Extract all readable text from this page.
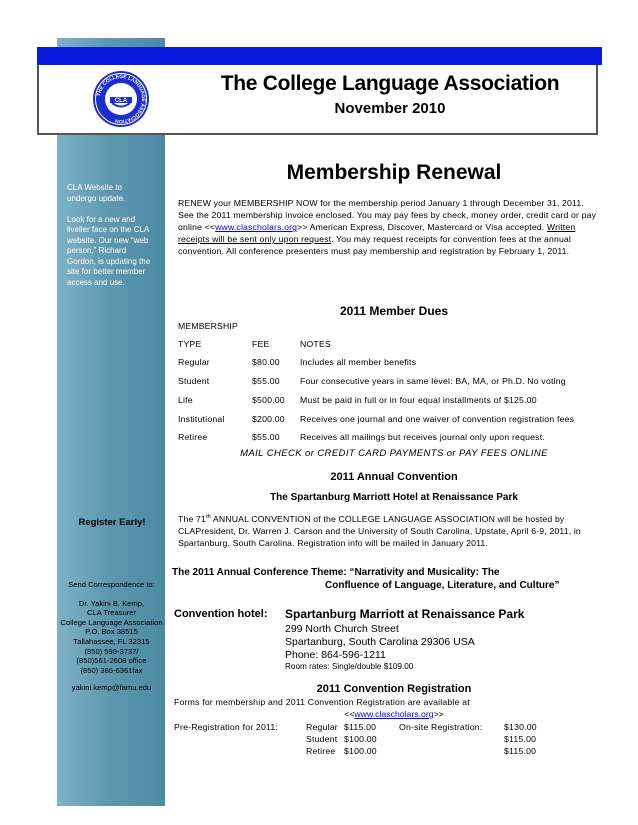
THE COLLEGE LANGUAGE ASSOCIATION
CLA
The College Language Association
November 2010
CLA Website to undergo update.

Look for a new and livelier face on the CLA website. Our new “web person,” Richard Gordon, is updating the site for better member access and use.
Register Early!
Send Correspondence to:
Dr. Yakini B. Kemp,
CLA Treasurer
College Language Association
P.O. Box 38515
Tallahassee, FL 32315
(850) 599-3737/
(850)561-2608 office
(850) 386-6361fax
yakini.kemp@famu.edu
Membership Renewal
RENEW your MEMBERSHIP NOW for the membership period January 1 through December 31, 2011. See the 2011 membership invoice enclosed. You may pay fees by check, money order, credit card or pay online <<www.clascholars.org>> American Express, Discover, Mastercard or Visa accepted. Written receipts will be sent only upon request. You may request receipts for convention fees at the annual convention. All conference presenters must pay membership and registration by February 1, 2011.
2011 Member Dues
MEMBERSHIP
TYPE	FEE	NOTES
Regular	$80.00 Includes all member benefits
Student	$55.00 Four consecutive years in same level: BA, MA, or Ph.D. No voting
Life	$500.00 Must be paid in full or in four equal installments of $125.00
Institutional	$200.00 Receives one journal and one waiver of convention registration fees
Retiree	$55.00 Receives all mailings but receives journal only upon request.
MAIL CHECK or CREDIT CARD PAYMENTS or PAY FEES ONLINE
2011 Annual Convention
The Spartanburg Marriott Hotel at Renaissance Park
The 71th ANNUAL CONVENTION of the COLLEGE LANGUAGE ASSOCIATION will be hosted by CLAPresident, Dr. Warren J. Carson and the University of South Carolina, Upstate, April 6-9, 2011, in Spartanburg, South Carolina. Registration info will be mailed in January 2011.
The 2011 Annual Conference Theme: “Narrativity and Musicality: The
Confluence of Language, Literature, and Culture”
Convention hotel: Spartanburg Marriott at Renaissance Park
299 North Church Street
Spartanburg, South Carolina 29306 USA
Phone: 864-596-1211
Room rates: Single/double $109.00
2011 Convention Registration
Forms for membership and 2011 Convention Registration are available at
<<www.clascholars.org>>
Pre-Registration for 2011:	Regular $115.00	On-site Registration: $130.00
Student $100.00	$115.00
Retiree $100.00	$115.00
